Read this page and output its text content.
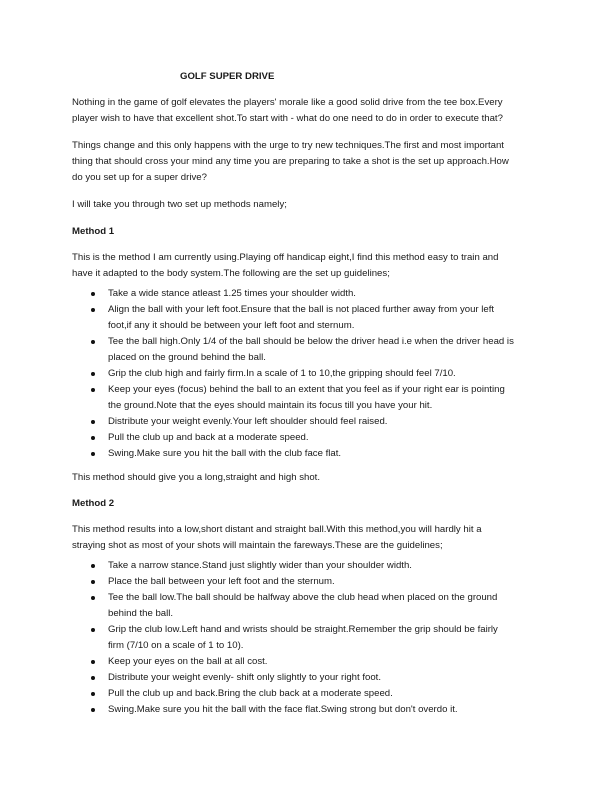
GOLF SUPER DRIVE
Nothing in the game of golf elevates the players' morale like a good solid drive from the tee box.Every
player wish to have that excellent shot.To start with - what do one need to do in order to execute that?
Things change and this only happens with the urge to try new techniques.The first and most important
thing that should cross your mind any time you are preparing to take a shot is the set up approach.How
do you set up for a super drive?
I will take you through two set up methods namely;
Method 1
This is the method I am currently using.Playing off handicap eight,I find this method easy to train and
have it adapted to the body system.The following are the set up guidelines;
Take a wide stance atleast 1.25 times your shoulder width.
Align the ball with your left foot.Ensure that the ball is not placed further away from your left
foot,if any it should be between your left foot and sternum.
Tee the ball high.Only 1/4 of the ball should be below the driver head i.e when the driver head is
placed on the ground behind the ball.
Grip the club high and fairly firm.In a scale of 1 to 10,the gripping should feel 7/10.
Keep your eyes (focus) behind the ball to an extent that you feel as if your right ear is pointing
the ground.Note that the eyes should maintain its focus till you have your hit.
Distribute your weight evenly.Your left shoulder should feel raised.
Pull the club up and back at a moderate speed.
Swing.Make sure you hit the ball with the club face flat.
This method should give you a long,straight and high shot.
Method 2
This method results into a low,short distant and straight ball.With this method,you will hardly hit a
straying shot as most of your shots will maintain the fareways.These are the guidelines;
Take a narrow stance.Stand just slightly wider than your shoulder width.
Place the ball between your left foot and the sternum.
Tee the ball low.The ball should be halfway above the club head when placed on the ground
behind the ball.
Grip the club low.Left hand and wrists should be straight.Remember the grip should be fairly
firm (7/10 on a scale of 1 to 10).
Keep your eyes on the ball at all cost.
Distribute your weight evenly- shift only slightly to your right foot.
Pull the club up and back.Bring the club back at a moderate speed.
Swing.Make sure you hit the ball with the face flat.Swing strong but don't overdo it.
